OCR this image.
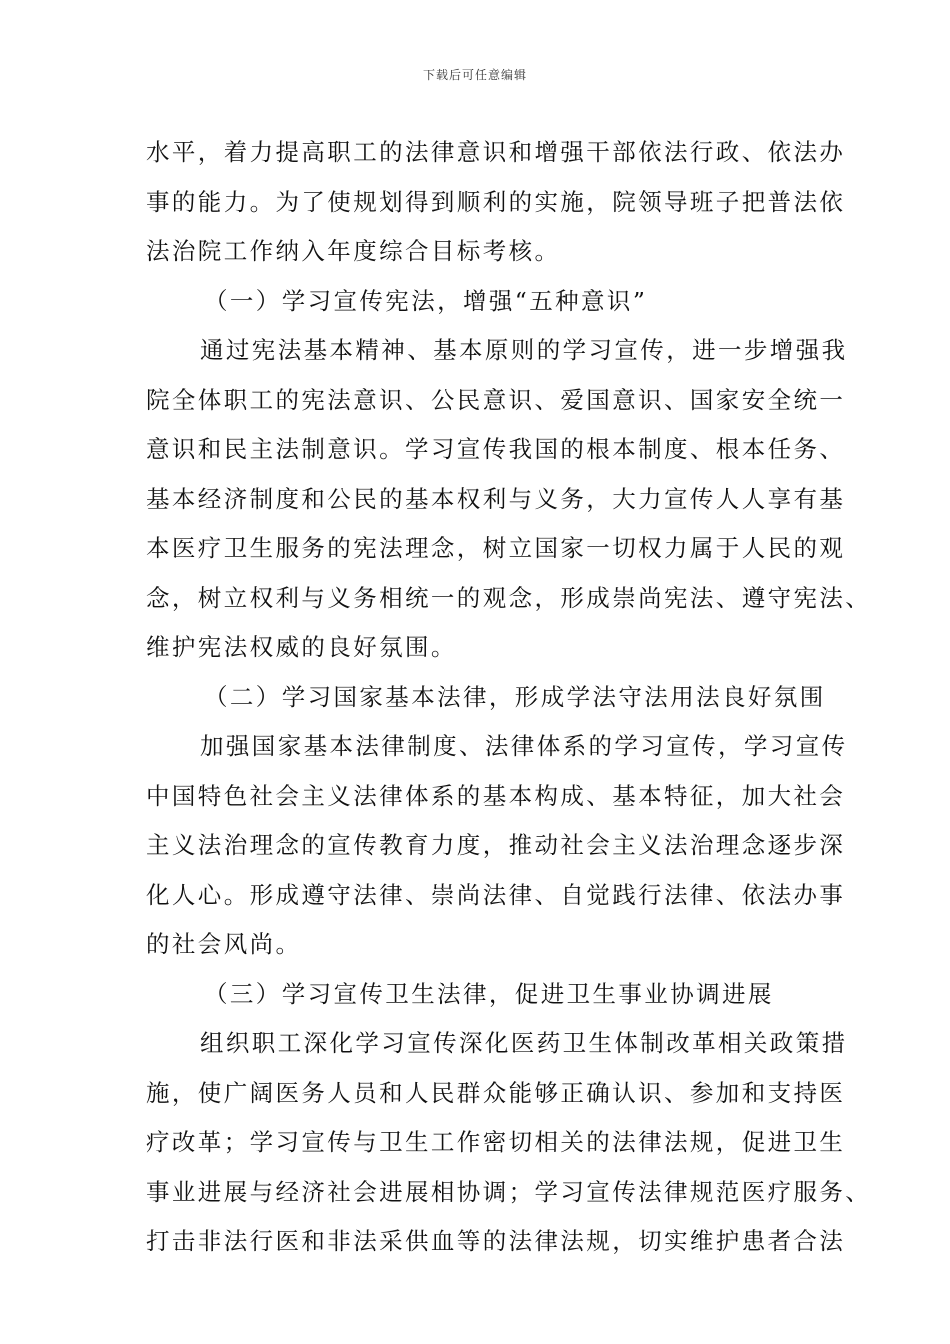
下载后可任意编辑
水平，着力提高职工的法律意识和增强干部依法行政、依法办
事的能力。为了使规划得到顺利的实施，院领导班子把普法依
法治院工作纳入年度综合目标考核。
（一）学习宣传宪法，增强“五种意识”
通过宪法基本精神、基本原则的学习宣传，进一步增强我
院全体职工的宪法意识、公民意识、爱国意识、国家安全统一
意识和民主法制意识。学习宣传我国的根本制度、根本任务、
基本经济制度和公民的基本权利与义务，大力宣传人人享有基
本医疗卫生服务的宪法理念，树立国家一切权力属于人民的观
念，树立权利与义务相统一的观念，形成崇尚宪法、遵守宪法、
维护宪法权威的良好氛围。
（二）学习国家基本法律，形成学法守法用法良好氛围
加强国家基本法律制度、法律体系的学习宣传，学习宣传
中国特色社会主义法律体系的基本构成、基本特征，加大社会
主义法治理念的宣传教育力度，推动社会主义法治理念逐步深
化人心。形成遵守法律、崇尚法律、自觉践行法律、依法办事
的社会风尚。
（三）学习宣传卫生法律，促进卫生事业协调进展
组织职工深化学习宣传深化医药卫生体制改革相关政策措
施，使广阔医务人员和人民群众能够正确认识、参加和支持医
疗改革；学习宣传与卫生工作密切相关的法律法规，促进卫生
事业进展与经济社会进展相协调；学习宣传法律规范医疗服务、
打击非法行医和非法采供血等的法律法规，切实维护患者合法
